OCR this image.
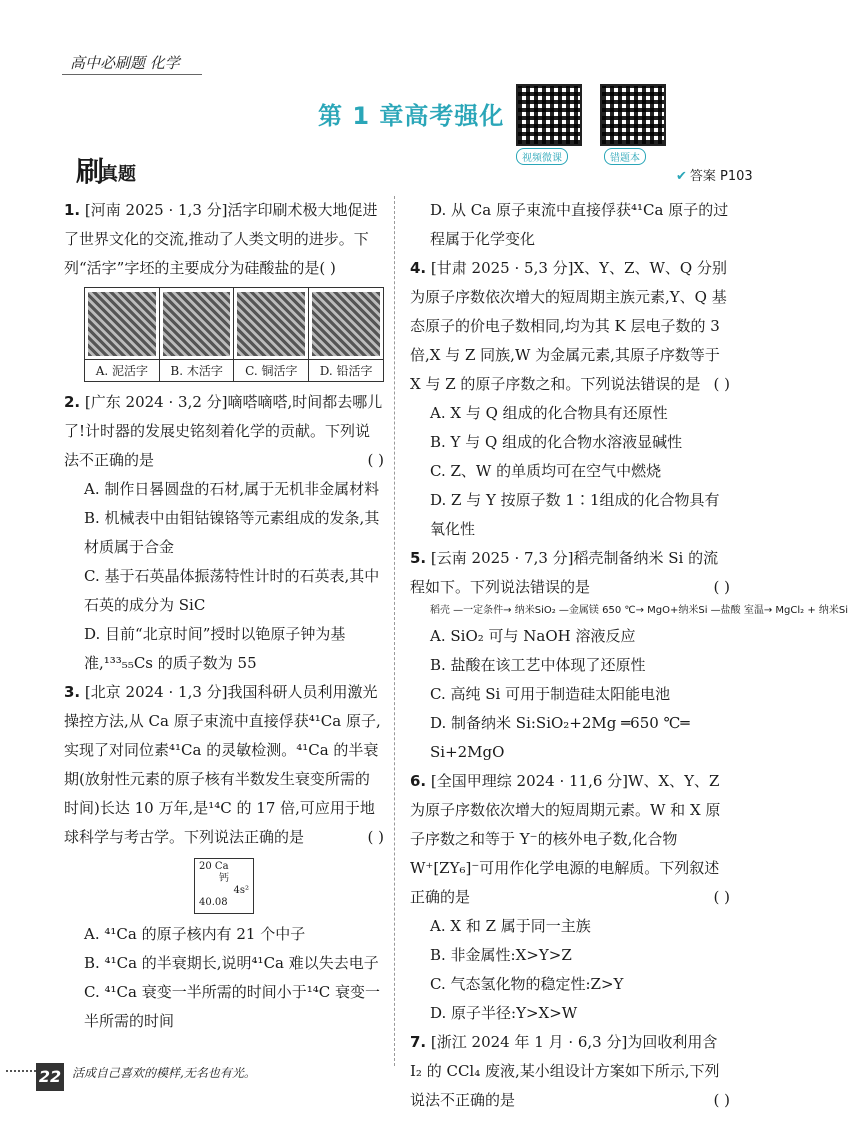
高中必刷题 化学
第 1 章高考强化
视频微课	错题本
刷
真题	✔ 答案 P103
1. [河南 2025 · 1,3 分]活字印刷术极大地促进了世界文化的交流,推动了人类文明的进步。下列“活字”字坯的主要成分为硅酸盐的是( )

A. 泥活字	B. 木活字	C. 铜活字	D. 铅活字
2. [广东 2024 · 3,2 分]嘀嗒嘀嗒,时间都去哪儿了!计时器的发展史铭刻着化学的贡献。下列说法不正确的是	( )
A. 制作日晷圆盘的石材,属于无机非金属材料
B. 机械表中由钼钴镍铬等元素组成的发条,其材质属于合金
C. 基于石英晶体振荡特性计时的石英表,其中石英的成分为 SiC
D. 目前“北京时间”授时以铯原子钟为基准,¹³³₅₅Cs 的质子数为 55
3. [北京 2024 · 1,3 分]我国科研人员利用激光操控方法,从 Ca 原子束流中直接俘获⁴¹Ca 原子,实现了对同位素⁴¹Ca 的灵敏检测。⁴¹Ca 的半衰期(放射性元素的原子核有半数发生衰变所需的时间)长达 10 万年,是¹⁴C 的 17 倍,可应用于地球科学与考古学。下列说法正确的是	( )
20 Ca
钙
4s²
40.08
A. ⁴¹Ca 的原子核内有 21 个中子
B. ⁴¹Ca 的半衰期长,说明⁴¹Ca 难以失去电子
C. ⁴¹Ca 衰变一半所需的时间小于¹⁴C 衰变一半所需的时间
D. 从 Ca 原子束流中直接俘获⁴¹Ca 原子的过程属于化学变化
4. [甘肃 2025 · 5,3 分]X、Y、Z、W、Q 分别为原子序数依次增大的短周期主族元素,Y、Q 基态原子的价电子数相同,均为其 K 层电子数的 3 倍,X 与 Z 同族,W 为金属元素,其原子序数等于 X 与 Z 的原子序数之和。下列说法错误的是 ( )
A. X 与 Q 组成的化合物具有还原性
B. Y 与 Q 组成的化合物水溶液显碱性
C. Z、W 的单质均可在空气中燃烧
D. Z 与 Y 按原子数 1∶1组成的化合物具有氧化性
5. [云南 2025 · 7,3 分]稻壳制备纳米 Si 的流程如下。下列说法错误的是	( )
稻壳 —一定条件→ 纳米SiO₂ —金属镁 650 ℃→ MgO+纳米Si —盐酸 室温→ MgCl₂ + 纳米Si
A. SiO₂ 可与 NaOH 溶液反应
B. 盐酸在该工艺中体现了还原性
C. 高纯 Si 可用于制造硅太阳能电池
D. 制备纳米 Si:SiO₂+2Mg ═650 ℃═ Si+2MgO
6. [全国甲理综 2024 · 11,6 分]W、X、Y、Z 为原子序数依次增大的短周期元素。W 和 X 原子序数之和等于 Y⁻的核外电子数,化合物 W⁺[ZY₆]⁻可用作化学电源的电解质。下列叙述正确的是	( )
A. X 和 Z 属于同一主族
B. 非金属性:X>Y>Z
C. 气态氢化物的稳定性:Z>Y
D. 原子半径:Y>X>W
7. [浙江 2024 年 1 月 · 6,3 分]为回收利用含 I₂ 的 CCl₄ 废液,某小组设计方案如下所示,下列说法不正确的是	( )
22 活成自己喜欢的模样,无名也有光。
